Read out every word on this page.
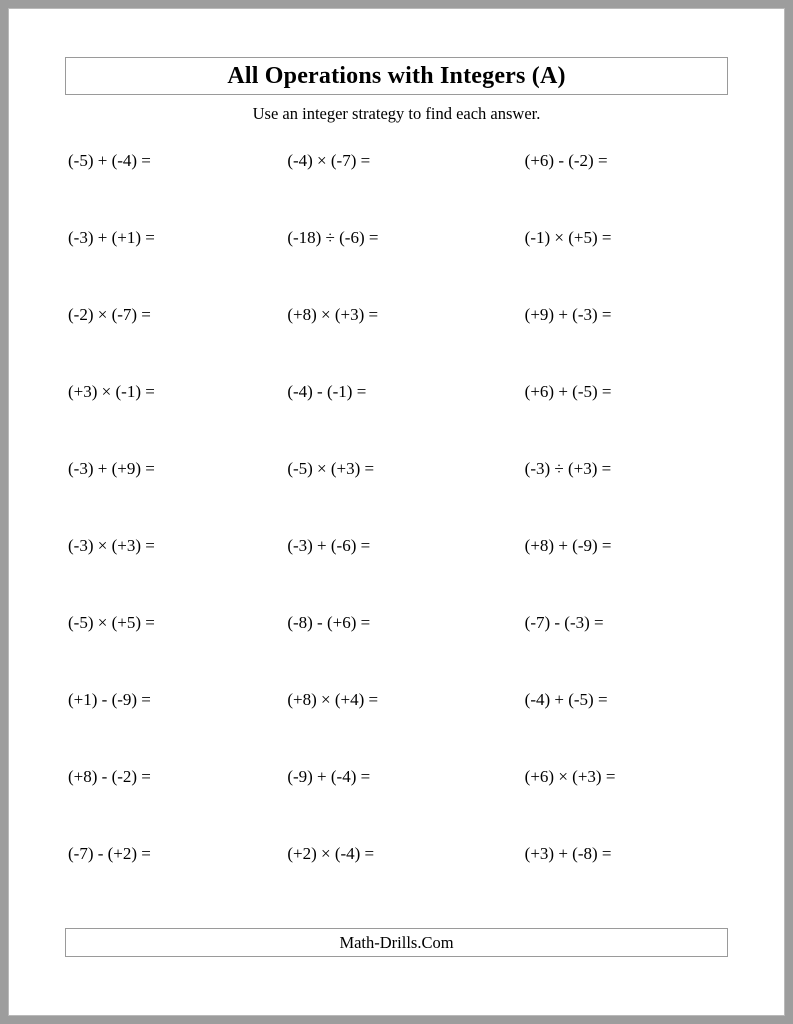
All Operations with Integers (A)
Use an integer strategy to find each answer.
(-5) + (-4) =	(-4) × (-7) =	(+6) - (-2) =
(-3) + (+1) =	(-18) ÷ (-6) =	(-1) × (+5) =
(-2) × (-7) =	(+8) × (+3) =	(+9) + (-3) =
(+3) × (-1) =	(-4) - (-1) =	(+6) + (-5) =
(-3) + (+9) =	(-5) × (+3) =	(-3) ÷ (+3) =
(-3) × (+3) =	(-3) + (-6) =	(+8) + (-9) =
(-5) × (+5) =	(-8) - (+6) =	(-7) - (-3) =
(+1) - (-9) =	(+8) × (+4) =	(-4) + (-5) =
(+8) - (-2) =	(-9) + (-4) =	(+6) × (+3) =
(-7) - (+2) =	(+2) × (-4) =	(+3) + (-8) =
Math-Drills.Com
